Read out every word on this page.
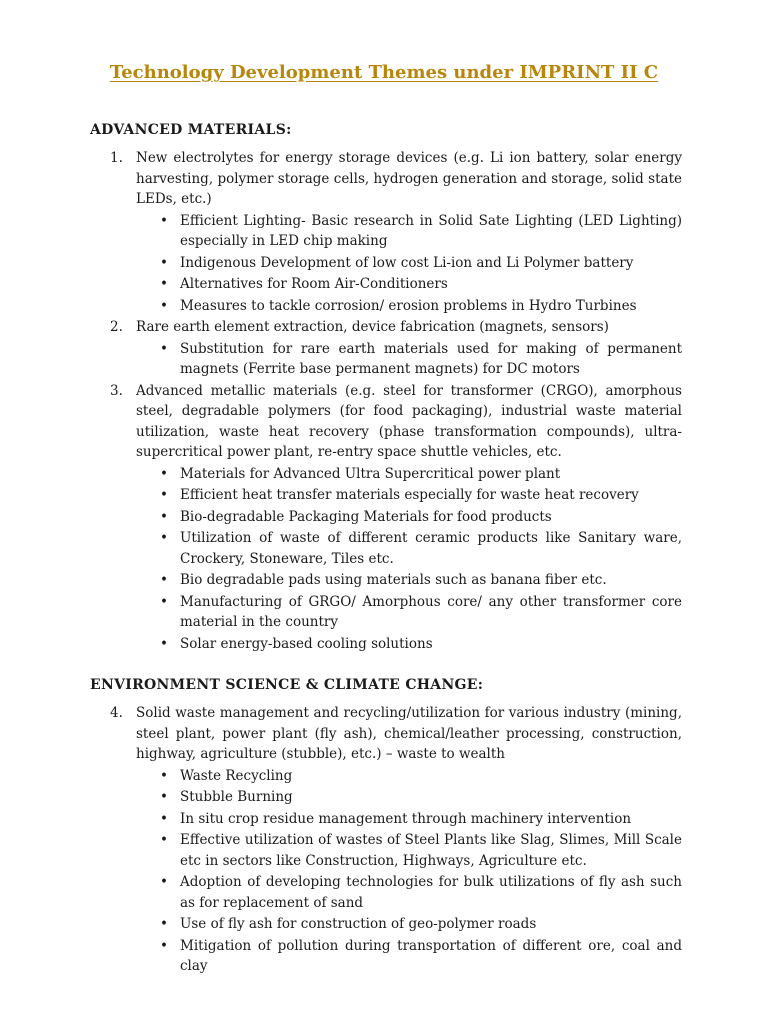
Technology Development Themes under IMPRINT II C
ADVANCED MATERIALS:
1. New electrolytes for energy storage devices (e.g. Li ion battery, solar energy harvesting, polymer storage cells, hydrogen generation and storage, solid state LEDs, etc.)
• Efficient Lighting- Basic research in Solid Sate Lighting (LED Lighting) especially in LED chip making
• Indigenous Development of low cost Li-ion and Li Polymer battery
• Alternatives for Room Air-Conditioners
• Measures to tackle corrosion/ erosion problems in Hydro Turbines
2. Rare earth element extraction, device fabrication (magnets, sensors)
• Substitution for rare earth materials used for making of permanent magnets (Ferrite base permanent magnets) for DC motors
3. Advanced metallic materials (e.g. steel for transformer (CRGO), amorphous steel, degradable polymers (for food packaging), industrial waste material utilization, waste heat recovery (phase transformation compounds), ultra-supercritical power plant, re-entry space shuttle vehicles, etc.
• Materials for Advanced Ultra Supercritical power plant
• Efficient heat transfer materials especially for waste heat recovery
• Bio-degradable Packaging Materials for food products
• Utilization of waste of different ceramic products like Sanitary ware, Crockery, Stoneware, Tiles etc.
• Bio degradable pads using materials such as banana fiber etc.
• Manufacturing of GRGO/ Amorphous core/ any other transformer core material in the country
• Solar energy-based cooling solutions
ENVIRONMENT SCIENCE & CLIMATE CHANGE:
4. Solid waste management and recycling/utilization for various industry (mining, steel plant, power plant (fly ash), chemical/leather processing, construction, highway, agriculture (stubble), etc.) – waste to wealth
• Waste Recycling
• Stubble Burning
• In situ crop residue management through machinery intervention
• Effective utilization of wastes of Steel Plants like Slag, Slimes, Mill Scale etc in sectors like Construction, Highways, Agriculture etc.
• Adoption of developing technologies for bulk utilizations of fly ash such as for replacement of sand
• Use of fly ash for construction of geo-polymer roads
• Mitigation of pollution during transportation of different ore, coal and clay
